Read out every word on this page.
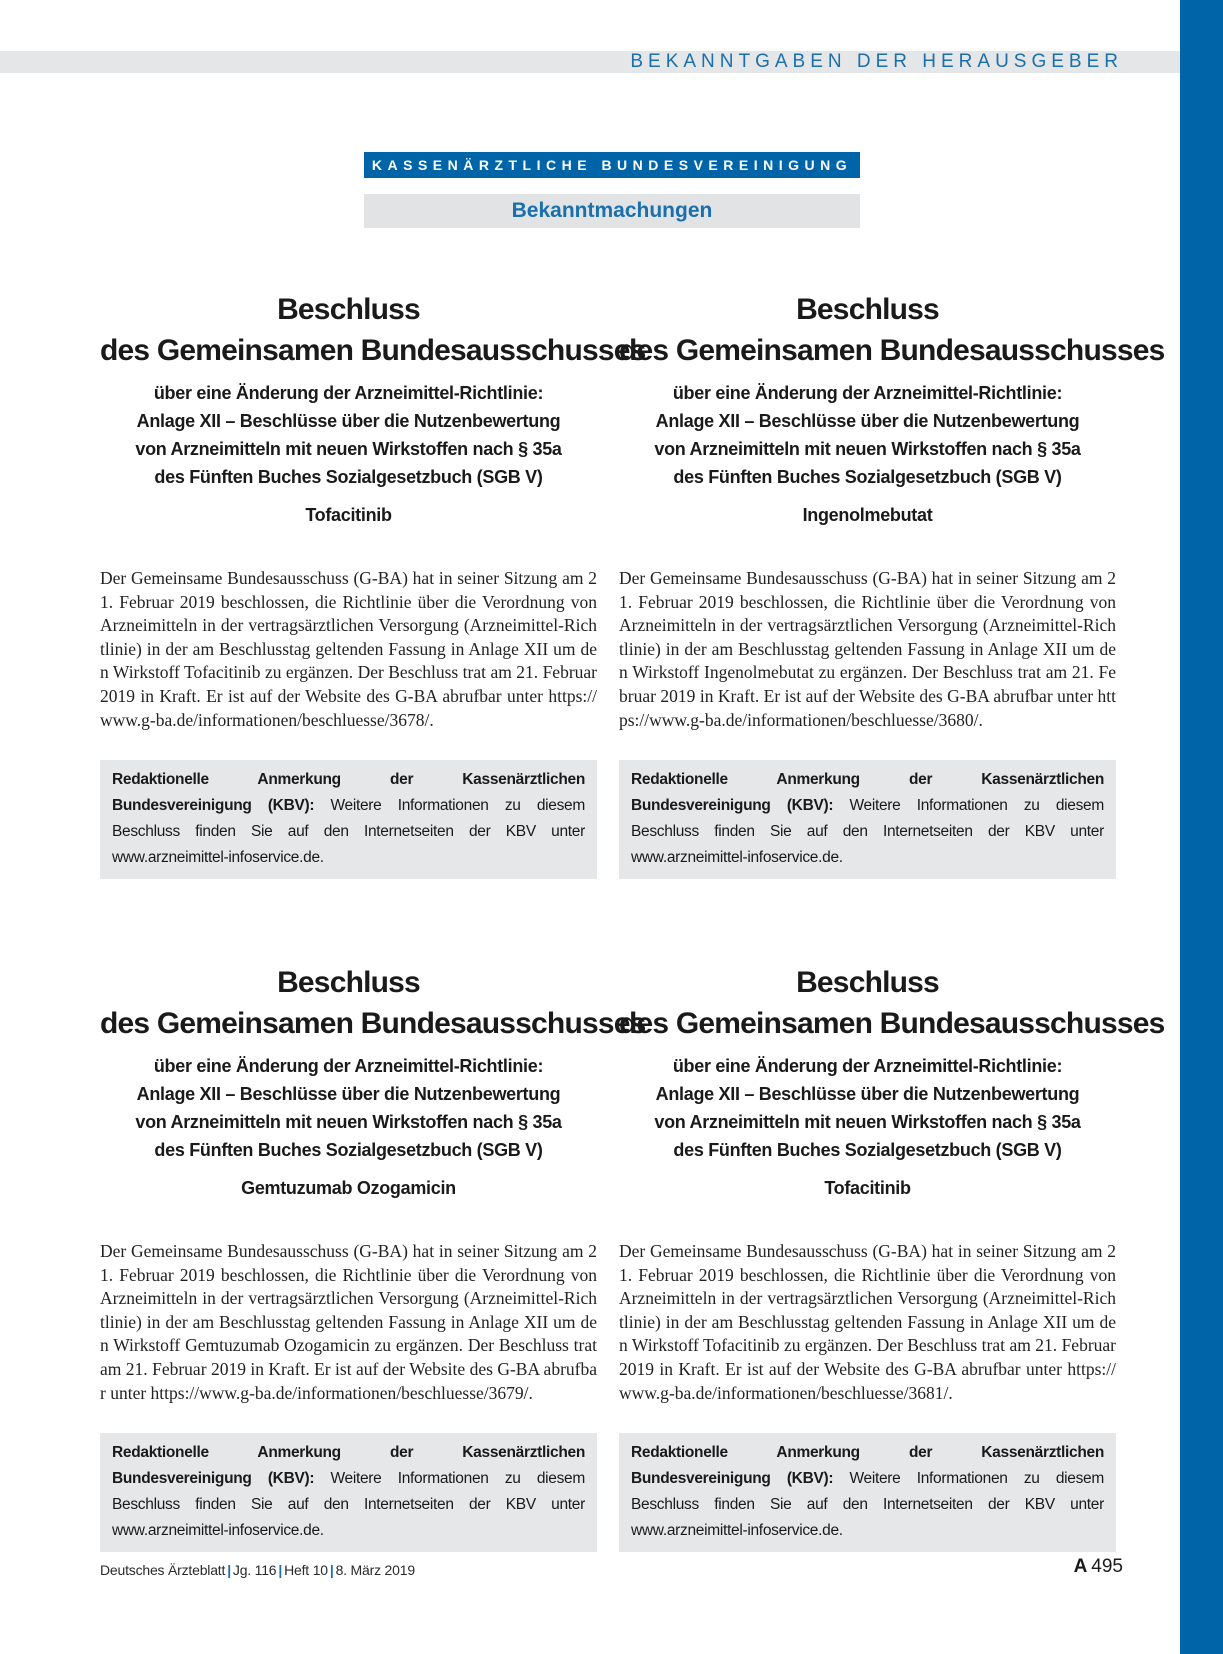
BEKANNTGABEN DER HERAUSGEBER
KASSENÄRZTLICHE BUNDESVEREINIGUNG
Bekanntmachungen
Beschluss
des Gemeinsamen Bundesausschusses
über eine Änderung der Arzneimittel-Richtlinie:
Anlage XII – Beschlüsse über die Nutzenbewertung
von Arzneimitteln mit neuen Wirkstoffen nach § 35a
des Fünften Buches Sozialgesetzbuch (SGB V)
Tofacitinib

Der Gemeinsame Bundesausschuss (G-BA) hat in seiner Sitzung am 21. Februar 2019 beschlossen, die Richtlinie über die Verordnung von Arzneimitteln in der vertragsärztlichen Versorgung (Arzneimittel-Richtlinie) in der am Beschlusstag geltenden Fassung in Anlage XII um den Wirkstoff Tofacitinib zu ergänzen. Der Beschluss trat am 21. Februar 2019 in Kraft. Er ist auf der Website des G-BA abrufbar unter https://www.g-ba.de/informationen/beschluesse/3678/.

Redaktionelle Anmerkung der Kassenärztlichen Bundesvereinigung (KBV): Weitere Informationen zu diesem Beschluss finden Sie auf den Internetseiten der KBV unter www.arzneimittel-infoservice.de.
Beschluss
des Gemeinsamen Bundesausschusses
über eine Änderung der Arzneimittel-Richtlinie:
Anlage XII – Beschlüsse über die Nutzenbewertung
von Arzneimitteln mit neuen Wirkstoffen nach § 35a
des Fünften Buches Sozialgesetzbuch (SGB V)
Ingenolmebutat

Der Gemeinsame Bundesausschuss (G-BA) hat in seiner Sitzung am 21. Februar 2019 beschlossen, die Richtlinie über die Verordnung von Arzneimitteln in der vertragsärztlichen Versorgung (Arzneimittel-Richtlinie) in der am Beschlusstag geltenden Fassung in Anlage XII um den Wirkstoff Ingenolmebutat zu ergänzen. Der Beschluss trat am 21. Februar 2019 in Kraft. Er ist auf der Website des G-BA abrufbar unter https://www.g-ba.de/informationen/beschluesse/3680/.

Redaktionelle Anmerkung der Kassenärztlichen Bundesvereinigung (KBV): Weitere Informationen zu diesem Beschluss finden Sie auf den Internetseiten der KBV unter www.arzneimittel-infoservice.de.
Beschluss
des Gemeinsamen Bundesausschusses
über eine Änderung der Arzneimittel-Richtlinie:
Anlage XII – Beschlüsse über die Nutzenbewertung
von Arzneimitteln mit neuen Wirkstoffen nach § 35a
des Fünften Buches Sozialgesetzbuch (SGB V)
Gemtuzumab Ozogamicin

Der Gemeinsame Bundesausschuss (G-BA) hat in seiner Sitzung am 21. Februar 2019 beschlossen, die Richtlinie über die Verordnung von Arzneimitteln in der vertragsärztlichen Versorgung (Arzneimittel-Richtlinie) in der am Beschlusstag geltenden Fassung in Anlage XII um den Wirkstoff Gemtuzumab Ozogamicin zu ergänzen. Der Beschluss trat am 21. Februar 2019 in Kraft. Er ist auf der Website des G-BA abrufbar unter https://www.g-ba.de/informationen/beschluesse/3679/.

Redaktionelle Anmerkung der Kassenärztlichen Bundesvereinigung (KBV): Weitere Informationen zu diesem Beschluss finden Sie auf den Internetseiten der KBV unter www.arzneimittel-infoservice.de.
Beschluss
des Gemeinsamen Bundesausschusses
über eine Änderung der Arzneimittel-Richtlinie:
Anlage XII – Beschlüsse über die Nutzenbewertung
von Arzneimitteln mit neuen Wirkstoffen nach § 35a
des Fünften Buches Sozialgesetzbuch (SGB V)
Tofacitinib

Der Gemeinsame Bundesausschuss (G-BA) hat in seiner Sitzung am 21. Februar 2019 beschlossen, die Richtlinie über die Verordnung von Arzneimitteln in der vertragsärztlichen Versorgung (Arzneimittel-Richtlinie) in der am Beschlusstag geltenden Fassung in Anlage XII um den Wirkstoff Tofacitinib zu ergänzen. Der Beschluss trat am 21. Februar 2019 in Kraft. Er ist auf der Website des G-BA abrufbar unter https://www.g-ba.de/informationen/beschluesse/3681/.

Redaktionelle Anmerkung der Kassenärztlichen Bundesvereinigung (KBV): Weitere Informationen zu diesem Beschluss finden Sie auf den Internetseiten der KBV unter www.arzneimittel-infoservice.de.
Deutsches Ärzteblatt | Jg. 116 | Heft 10 | 8. März 2019	A 495
